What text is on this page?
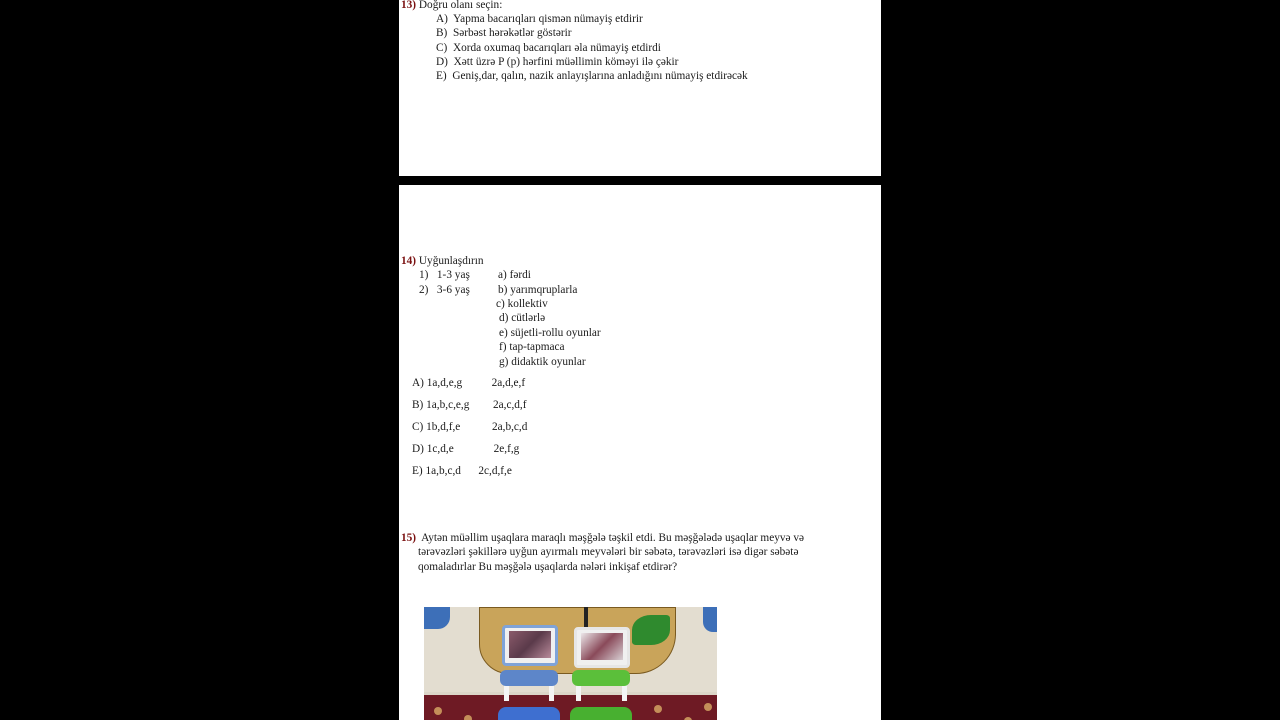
13) Doğru olanı seçin:
A) Yapma bacarıqları qismən nümayiş etdirir
B) Sərbəst hərəkətlər göstərir
C) Xorda oxumaq bacarıqları əla nümayiş etdirdi
D) Xətt üzrə P (p) hərfini müəllimin köməyi ilə çəkir
E) Geniş,dar, qalın, nazik anlayışlarına anladığını nümayiş etdirəcək
14) Uyğunlaşdırın
1) 1-3 yaş
2) 3-6 yaş
a) fərdi
b) yarımqruplarla
c) kollektiv
d) cütlərlə
e) süjetli-rollu oyunlar
f) tap-tapmaca
g) didaktik oyunlar
A) 1a,d,e,g	2a,d,e,f
B) 1a,b,c,e,g 2a,c,d,f
C) 1b,d,f,e	2a,b,c,d
D) 1c,d,e	2e,f,g
E) 1a,b,c,d 2c,d,f,e
15) Aytən müəllim uşaqlara maraqlı məşğələ təşkil etdi. Bu məşğələdə uşaqlar meyvə və
tərəvəzləri şəkillərə uyğun ayırmalı meyvələri bir səbətə, tərəvəzləri isə digər səbətə
qomaladırlar Bu məşğələ uşaqlarda nələri inkişaf etdirər?
